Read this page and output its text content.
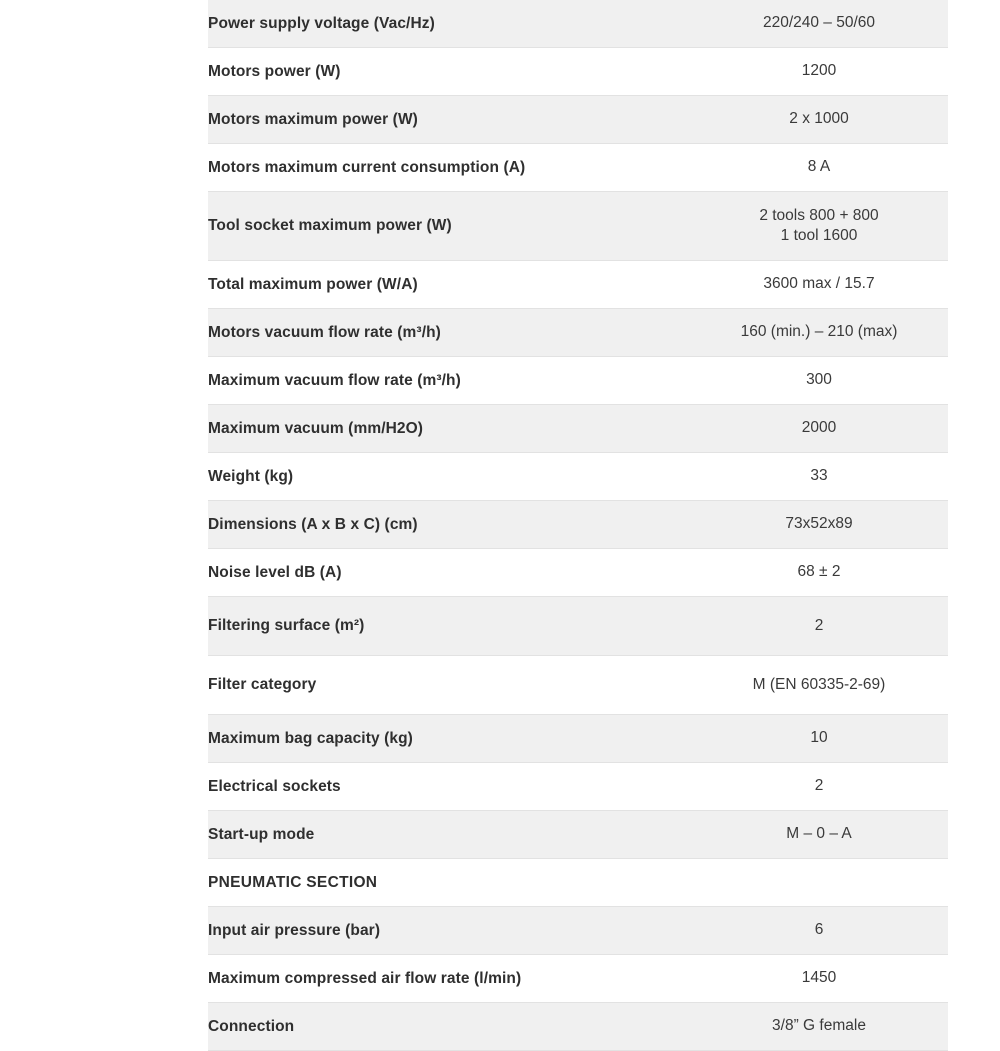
Power supply voltage (Vac/Hz)	220/240 – 50/60
Motors power (W)	1200
Motors maximum power (W)	2 x 1000
Motors maximum current consumption (A)	8 A
Tool socket maximum power (W)	2 tools 800 + 800
1 tool 1600

Total maximum power (W/A)	3600 max / 15.7
Motors vacuum flow rate (m³/h)	160 (min.) – 210 (max)
Maximum vacuum flow rate (m³/h)	300
Maximum vacuum (mm/H2O)	2000
Weight (kg)	33
Dimensions (A x B x C) (cm)	73x52x89
Noise level dB (A)	68 ± 2
Filtering surface (m²)	2
Filter category	M (EN 60335-2-69)
Maximum bag capacity (kg)	10
Electrical sockets	2
Start-up mode	M – 0 – A
PNEUMATIC SECTION	
Input air pressure (bar)	6
Maximum compressed air flow rate (l/min)	1450
Connection	3/8” G female
